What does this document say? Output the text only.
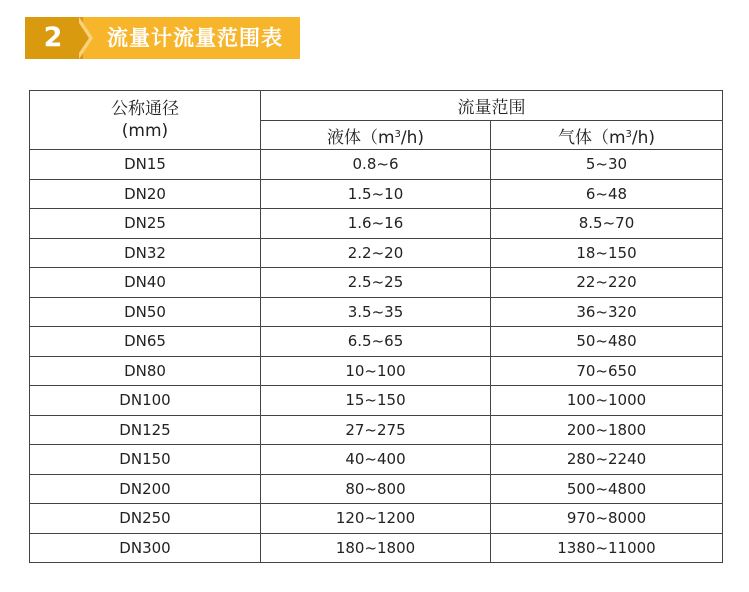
2	流量计流量范围表
公称通径
(mm)	流量范围	
	液体$(m^3/h)$	气体$(m^3/h)$
DN15	0.8~6	5~30
DN20	1.5~10	6~48
DN25	1.6~16	8.5~70
DN32	2.2~20	18~150
DN40	2.5~25	22~220
DN50	3.5~35	36~320
DN65	6.5~65	50~480
DN80	10~100	70~650
DN100	15~150	100~1000
DN125	27~275	200~1800
DN150	40~400	280~2240
DN200	80~800	500~4800
DN250	120~1200	970~8000
DN300	180~1800	1380~11000
